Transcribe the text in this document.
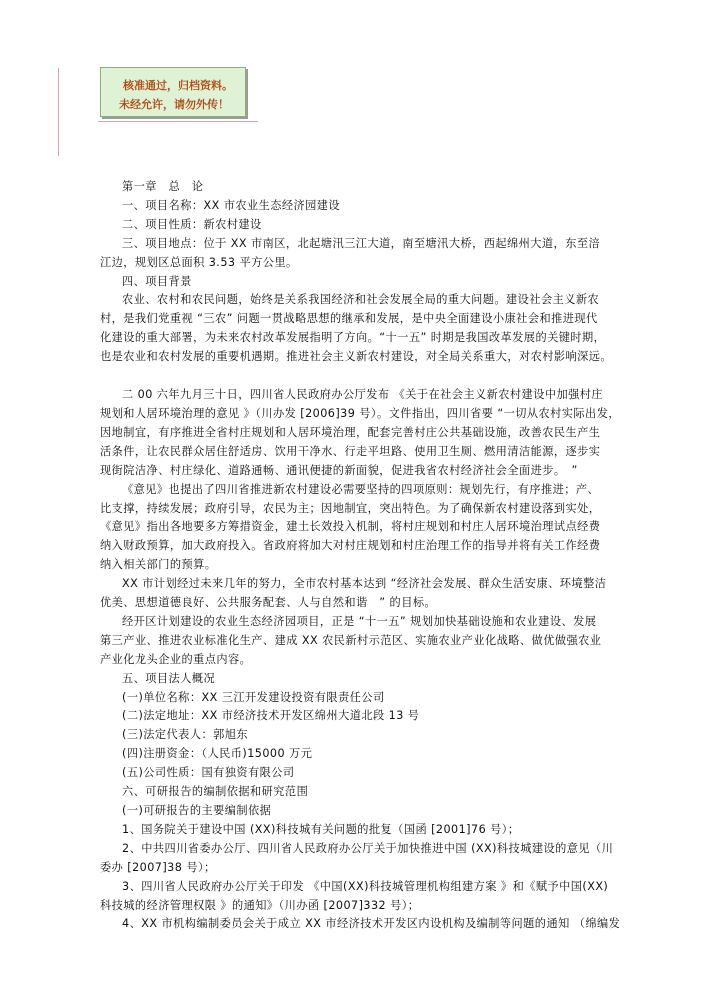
核准通过，归档资料。
未经允许，请勿外传！

第一章　总　论

一、项目名称：XX 市农业生态经济园建设

二、项目性质：新农村建设

三、项目地点：位于 XX 市南区，北起塘汛三江大道，南至塘汛大桥，西起绵州大道，东至涪

江边，规划区总面积 3.53 平方公里。

四、项目背景

农业、农村和农民问题，始终是关系我国经济和社会发展全局的重大问题。建设社会主义新农

村，是我们党重视 “三农” 问题一贯战略思想的继承和发展，是中央全面建设小康社会和推进现代

化建设的重大部署，为未来农村改革发展指明了方向。“十一五” 时期是我国改革发展的关键时期，

也是农业和农村发展的重要机遇期。推进社会主义新农村建设，对全局关系重大，对农村影响深远。

二 00 六年九月三十日，四川省人民政府办公厅发布 《关于在社会主义新农村建设中加强村庄

规划和人居环境治理的意见 》（川办发 [2006]39 号）。文件指出，四川省要 “一切从农村实际出发，

因地制宜，有序推进全省村庄规划和人居环境治理，配套完善村庄公共基础设施，改善农民生产生

活条件，让农民群众居住舒适房、饮用干净水、行走平坦路、使用卫生厕、燃用清洁能源，逐步实

现街院洁净、村庄绿化、道路通畅、通讯便捷的新面貌，促进我省农村经济社会全面进步。　”

《意见》也提出了四川省推进新农村建设必需要坚持的四项原则：规划先行，有序推进；产、

比支撑，持续发展；政府引导，农民为主；因地制宜，突出特色。为了确保新农村建设落到实处，

《意见》指出各地要多方筹措资金，建土长效投入机制，将村庄规划和村庄人居环境治理试点经费

纳入财政预算，加大政府投入。省政府将加大对村庄规划和村庄治理工作的指导并将有关工作经费

纳入相关部门的预算。

XX 市计划经过未来几年的努力，全市农村基本达到 “经济社会发展、群众生活安康、环境整洁

优美、思想道德良好、公共服务配套、人与自然和谐　” 的目标。

经开区计划建设的农业生态经济园项目，正是 “十一五” 规划加快基础设施和农业建设、发展

第三产业、推进农业标准化生产、建成 XX 农民新村示范区、实施农业产业化战略、做优做强农业

产业化龙头企业的重点内容。

五、项目法人概况

(一)单位名称：XX 三江开发建设投资有限责任公司

(二)法定地址：XX 市经济技术开发区绵州大道北段 13 号

(三)法定代表人：郭旭东

(四)注册资金：（人民币)15000 万元

(五)公司性质：国有独资有限公司

六、可研报告的编制依据和研究范围

(一)可研报告的主要编制依据

1、国务院关于建设中国 (XX)科技城有关问题的批复（国函 [2001]76 号）；

2、中共四川省委办公厅、四川省人民政府办公厅关于加快推进中国 (XX)科技城建设的意见（川

委办 [2007]38 号）；

3、四川省人民政府办公厅关于印发 《中国(XX)科技城管理机构组建方案 》和《赋予中国(XX)

科技城的经济管理权限 》的通知》（川办函 [2007]332 号）；

4、XX 市机构编制委员会关于成立 XX 市经济技术开发区内设机构及编制等问题的通知 （绵编发
